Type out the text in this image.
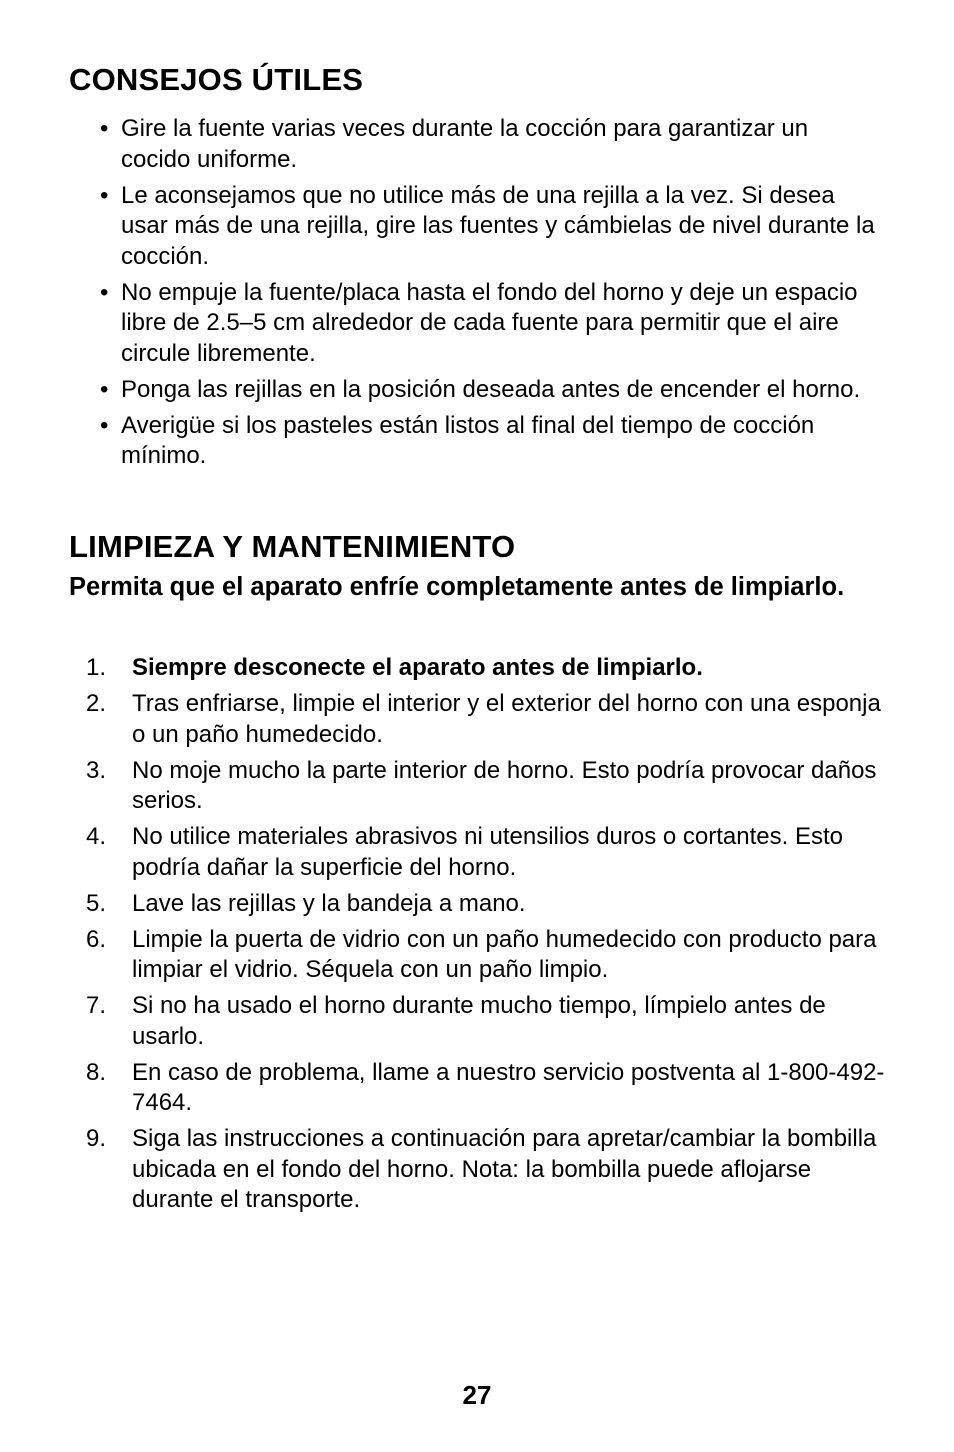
CONSEJOS ÚTILES
• Gire la fuente varias veces durante la cocción para garantizar un cocido uniforme.
• Le aconsejamos que no utilice más de una rejilla a la vez. Si desea usar más de una rejilla, gire las fuentes y cámbielas de nivel durante la cocción.
• No empuje la fuente/placa hasta el fondo del horno y deje un espacio libre de 2.5–5 cm alrededor de cada fuente para permitir que el aire circule libremente.
• Ponga las rejillas en la posición deseada antes de encender el horno.
• Averigüe si los pasteles están listos al final del tiempo de cocción mínimo.
LIMPIEZA Y MANTENIMIENTO

Permita que el aparato enfríe completamente antes de limpiarlo.

1. Siempre desconecte el aparato antes de limpiarlo.
2. Tras enfriarse, limpie el interior y el exterior del horno con una esponja o un paño humedecido.
3. No moje mucho la parte interior de horno. Esto podría provocar daños serios.
4. No utilice materiales abrasivos ni utensilios duros o cortantes. Esto podría dañar la superficie del horno.
5. Lave las rejillas y la bandeja a mano.
6. Limpie la puerta de vidrio con un paño humedecido con producto para limpiar el vidrio. Séquela con un paño limpio.
7. Si no ha usado el horno durante mucho tiempo, límpielo antes de usarlo.
8. En caso de problema, llame a nuestro servicio postventa al 1-800-492-7464.
9. Siga las instrucciones a continuación para apretar/cambiar la bombilla ubicada en el fondo del horno. Nota: la bombilla puede aflojarse durante el transporte.

27
